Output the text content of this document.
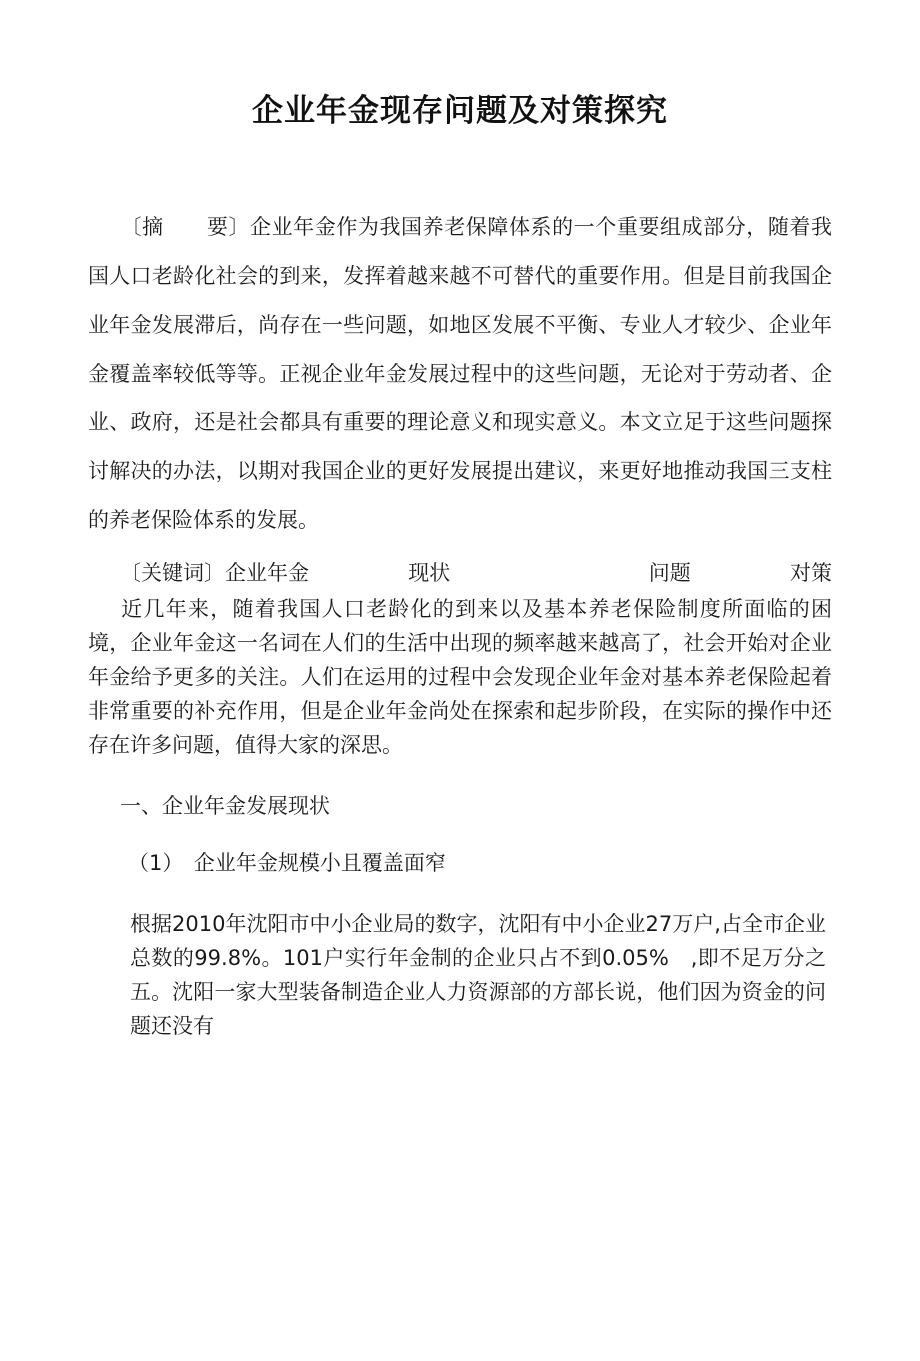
企业年金现存问题及对策探究

〔摘　　要〕企业年金作为我国养老保障体系的一个重要组成部分，随着我国人口老龄化社会的到来，发挥着越来越不可替代的重要作用。但是目前我国企业年金发展滞后，尚存在一些问题，如地区发展不平衡、专业人才较少、企业年金覆盖率较低等等。正视企业年金发展过程中的这些问题，无论对于劳动者、企业、政府，还是社会都具有重要的理论意义和现实意义。本文立足于这些问题探讨解决的办法，以期对我国企业的更好发展提出建议，来更好地推动我国三支柱的养老保险体系的发展。

〔关键词〕企业年金	现状	问题	对策

近几年来，随着我国人口老龄化的到来以及基本养老保险制度所面临的困境，企业年金这一名词在人们的生活中出现的频率越来越高了，社会开始对企业年金给予更多的关注。人们在运用的过程中会发现企业年金对基本养老保险起着非常重要的补充作用，但是企业年金尚处在探索和起步阶段，在实际的操作中还存在许多问题，值得大家的深思。

一、企业年金发展现状

（1）　企业年金规模小且覆盖面窄

根据2010年沈阳市中小企业局的数字，沈阳有中小企业27万户,占全市企业总数的99.8%。101户实行年金制的企业只占不到0.05%　,即不足万分之五。沈阳一家大型装备制造企业人力资源部的方部长说，他们因为资金的问题还没有
